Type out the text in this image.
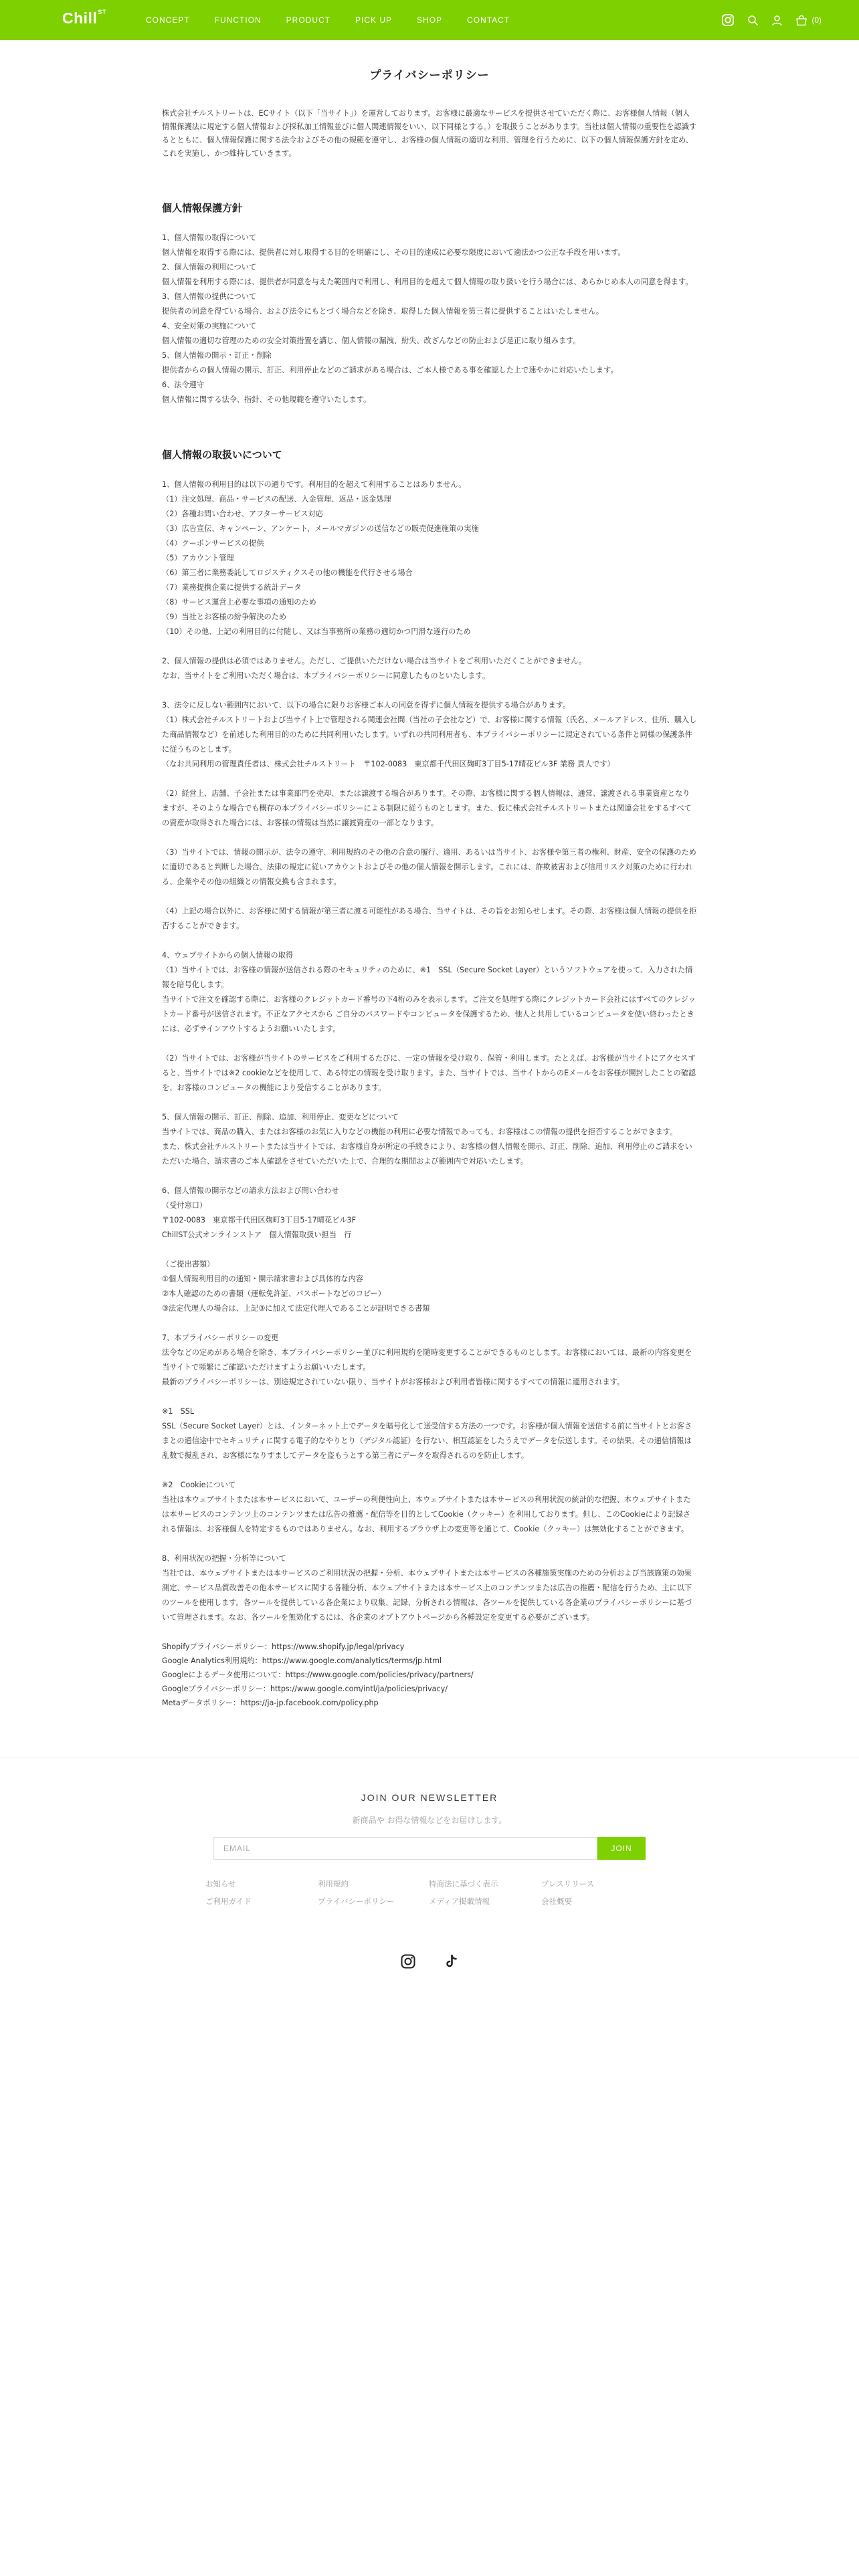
Chill$^{ST}$
CONCEPT	FUNCTION	PRODUCT	PICK UP	SHOP	CONTACT	(0)
プライバシーポリシー

株式会社チルストリートは、ECサイト（以下「当サイト」）を運営しております。お客様に最適なサービスを提供させていただく際に、お客様個人情報（個人情報保護法に規定する個人情報および採私加工情報並びに個人関連情報をいい、以下同様とする。）を取扱うことがあります。当社は個人情報の重要性を認識するとともに、個人情報保護に関する法令およびその他の規範を遵守し、お客様の個人情報の適切な利用、管理を行うために、以下の個人情報保護方針を定め、これを実施し、かつ維持していきます。

個人情報保護方針

1、個人情報の取得について

個人情報を取得する際には、提供者に対し取得する目的を明確にし、その目的達成に必要な限度において適法かつ公正な手段を用います。

2、個人情報の利用について

個人情報を利用する際には、提供者が同意を与えた範囲内で利用し、利用目的を超えて個人情報の取り扱いを行う場合には、あらかじめ本人の同意を得ます。

3、個人情報の提供について

提供者の同意を得ている場合、および法令にもとづく場合などを除き、取得した個人情報を第三者に提供することはいたしません。

4、安全対策の実施について

個人情報の適切な管理のための安全対策措置を講じ、個人情報の漏洩、紛失、改ざんなどの防止および是正に取り組みます。

5、個人情報の開示・訂正・削除

提供者からの個人情報の開示、訂正、利用停止などのご請求がある場合は、ご本人様である事を確認した上で速やかに対応いたします。

6、法令遵守

個人情報に関する法令、指針、その他規範を遵守いたします。

個人情報の取扱いについて

1、個人情報の利用目的は以下の通りです。利用目的を超えて利用することはありません。

（1）注文処理、商品・サービスの配送、入金管理、返品・返金処理

（2）各種お問い合わせ、アフターサービス対応

（3）広告宣伝、キャンペーン、アンケート、メールマガジンの送信などの販売促進施策の実施

（4）クーポンサービスの提供

（5）アカウント管理

（6）第三者に業務委託してロジスティクスその他の機能を代行させる場合

（7）業務提携企業に提供する統計データ

（8）サービス運営上必要な事項の通知のため

（9）当社とお客様の紛争解決のため

（10）その他、上記の利用目的に付随し、又は当事務所の業務の適切かつ円滑な遂行のため

2、個人情報の提供は必須ではありません。ただし、ご提供いただけない場合は当サイトをご利用いただくことができません。

なお、当サイトをご利用いただく場合は、本プライバシーポリシーに同意したものといたします。

3、法令に反しない範囲内において、以下の場合に限りお客様ご本人の同意を得ずに個人情報を提供する場合があります。

（1）株式会社チルストリートおよび当サイト上で管理される関連会社間（当社の子会社など）で、お客様に関する情報（氏名、メールアドレス、住所、購入した商品情報など）を前述した利用目的のために共同利用いたします。いずれの共同利用者も、本プライバシーポリシーに規定されている条件と同様の保護条件に従うものとします。

（なお共同利用の管理責任者は、株式会社チルストリート　〒102-0083　東京都千代田区麹町3丁目5-17晴花ビル3F 業務 責人です）

（2）経営上、店舗、子会社または事業部門を売却、または譲渡する場合があります。その際、お客様に関する個人情報は、通常、譲渡される事業資産となりますが、そのような場合でも概存の本プライバシーポリシーによる制限に従うものとします。また、仮に株式会社チルストリートまたは関連会社をするすべての資産が取得された場合には、お客様の情報は当然に譲渡資産の一部となります。

（3）当サイトでは、情報の開示が、法令の遵守、利用規約のその他の合意の履行、適用、あるいは当サイト、お客様や第三者の権利、財産、安全の保護のために適切であると判断した場合、法律の規定に従いアカウントおよびその他の個人情報を開示します。これには、詐欺被害および信用リスク対策のために行われる、企業やその他の組織との情報交換も含まれます。

（4）上記の場合以外に、お客様に関する情報が第三者に渡る可能性がある場合、当サイトは、その旨をお知らせします。その際、お客様は個人情報の提供を拒否することができます。

4、ウェブサイトからの個人情報の取得

（1）当サイトでは、お客様の情報が送信される際のセキュリティのために、※1　SSL（Secure Socket Layer）というソフトウェアを使って、入力された情報を暗号化します。

当サイトで注文を確認する際に、お客様のクレジットカード番号の下4桁のみを表示します。ご注文を処理する際にクレジットカード会社にはすべてのクレジットカード番号が送信されます。不正なアクセスから ご自分のパスワードやコンピュータを保護するため、他人と共用しているコンピュータを使い終わったときには、必ずサインアウトするようお願いいたします。

（2）当サイトでは、お客様が当サイトのサービスをご利用するたびに、一定の情報を受け取り、保管・利用します。たとえば、お客様が当サイトにアクセスすると、当サイトでは※2 cookieなどを使用して、ある特定の情報を受け取ります。また、当サイトでは、当サイトからのEメールをお客様が開封したことの確認を、お客様のコンピュータの機能により受信することがあります。

5、個人情報の開示、訂正、削除、追加、利用停止、変更などについて

当サイトでは、商品の購入、またはお客様のお気に入りなどの機能の利用に必要な情報であっても、お客様はこの情報の提供を拒否することができます。

また、株式会社チルストリートまたは当サイトでは、お客様自身が所定の手続きにより、お客様の個人情報を開示、訂正、削除、追加、利用停止のご請求をいただいた場合、請求書のご本人確認をさせていただいた上で、合理的な期間および範囲内で対応いたします。

6、個人情報の開示などの請求方法および問い合わせ

（受付窓口）

〒102-0083　東京都千代田区麹町3丁目5-17晴花ビル3F

ChillST公式オンラインストア　個人情報取扱い担当　行

（ご提出書類）

①個人情報利用目的の通知・開示請求書および具体的な内容

②本人確認のための書類（運転免許証、パスポートなどのコピー）

③法定代理人の場合は、上記③に加えて法定代理人であることが証明できる書類

7、本プライバシーポリシーの変更

法令などの定めがある場合を除き、本プライバシーポリシー並びに利用規約を随時変更することができるものとします。お客様においては、最新の内容変更を当サイトで頻繁にご確認いただけますようお願いいたします。

最新のプライバシーポリシーは、別途規定されていない限り、当サイトがお客様および利用者皆様に関するすべての情報に適用されます。

※1　SSL

SSL（Secure Socket Layer）とは、インターネット上でデータを暗号化して送受信する方法の一つです。お客様が個人情報を送信する前に当サイトとお客さまとの通信途中でセキュリティに関する電子的なやりとり（デジタル認証）を行ない、相互認証をしたうえでデータを伝送します。その結果、その通信情報は乱数で撹乱され、お客様になりすましてデータを盗もうとする第三者にデータを取得されるのを防止します。

※2　Cookieについて

当社は本ウェブサイトまたは本サービスにおいて、ユーザーの利便性向上、本ウェブサイトまたは本サービスの利用状況の統計的な把握、本ウェブサイトまたは本サービスのコンテンツ上のコンテンツまたは広告の推薦・配信等を目的としてCookie（クッキー）を利用しております。但し、このCookieにより記録される情報は、お客様個人を特定するものではありません。なお、利用するブラウザ上の変更等を通じて、Cookie（クッキー）は無効化することができます。

8、利用状況の把握・分析等について

当社では、本ウェブサイトまたは本サービスのご利用状況の把握・分析、本ウェブサイトまたは本サービスの各種施策実施のための分析および当該施策の効果測定、サービス品質改善その他本サービスに関する各種分析、本ウェブサイトまたは本サービス上のコンテンツまたは広告の推薦・配信を行うため、主に以下のツールを使用します。各ツールを提供している各企業により収集、記録、分析される情報は、各ツールを提供している各企業のプライバシーポリシーに基づいて管理されます。なお、各ツールを無効化するには、各企業のオプトアウトページから各種設定を変更する必要がございます。

Shopifyプライバシーポリシー：https://www.shopify.jp/legal/privacy

Google Analytics利用規約：https://www.google.com/analytics/terms/jp.html

Googleによるデータ使用について：https://www.google.com/policies/privacy/partners/

Googleプライバシーポリシー：https://www.google.com/intl/ja/policies/privacy/

Metaデータポリシー：https://ja-jp.facebook.com/policy.php

JOIN OUR NEWSLETTER
新商品や お得な情報などをお届けします。
EMAIL
JOIN
お知らせ	利用規約	特商法に基づく表示	プレスリリース
ご利用ガイド	プライバシーポリシー	メディア掲載情報	会社概要
